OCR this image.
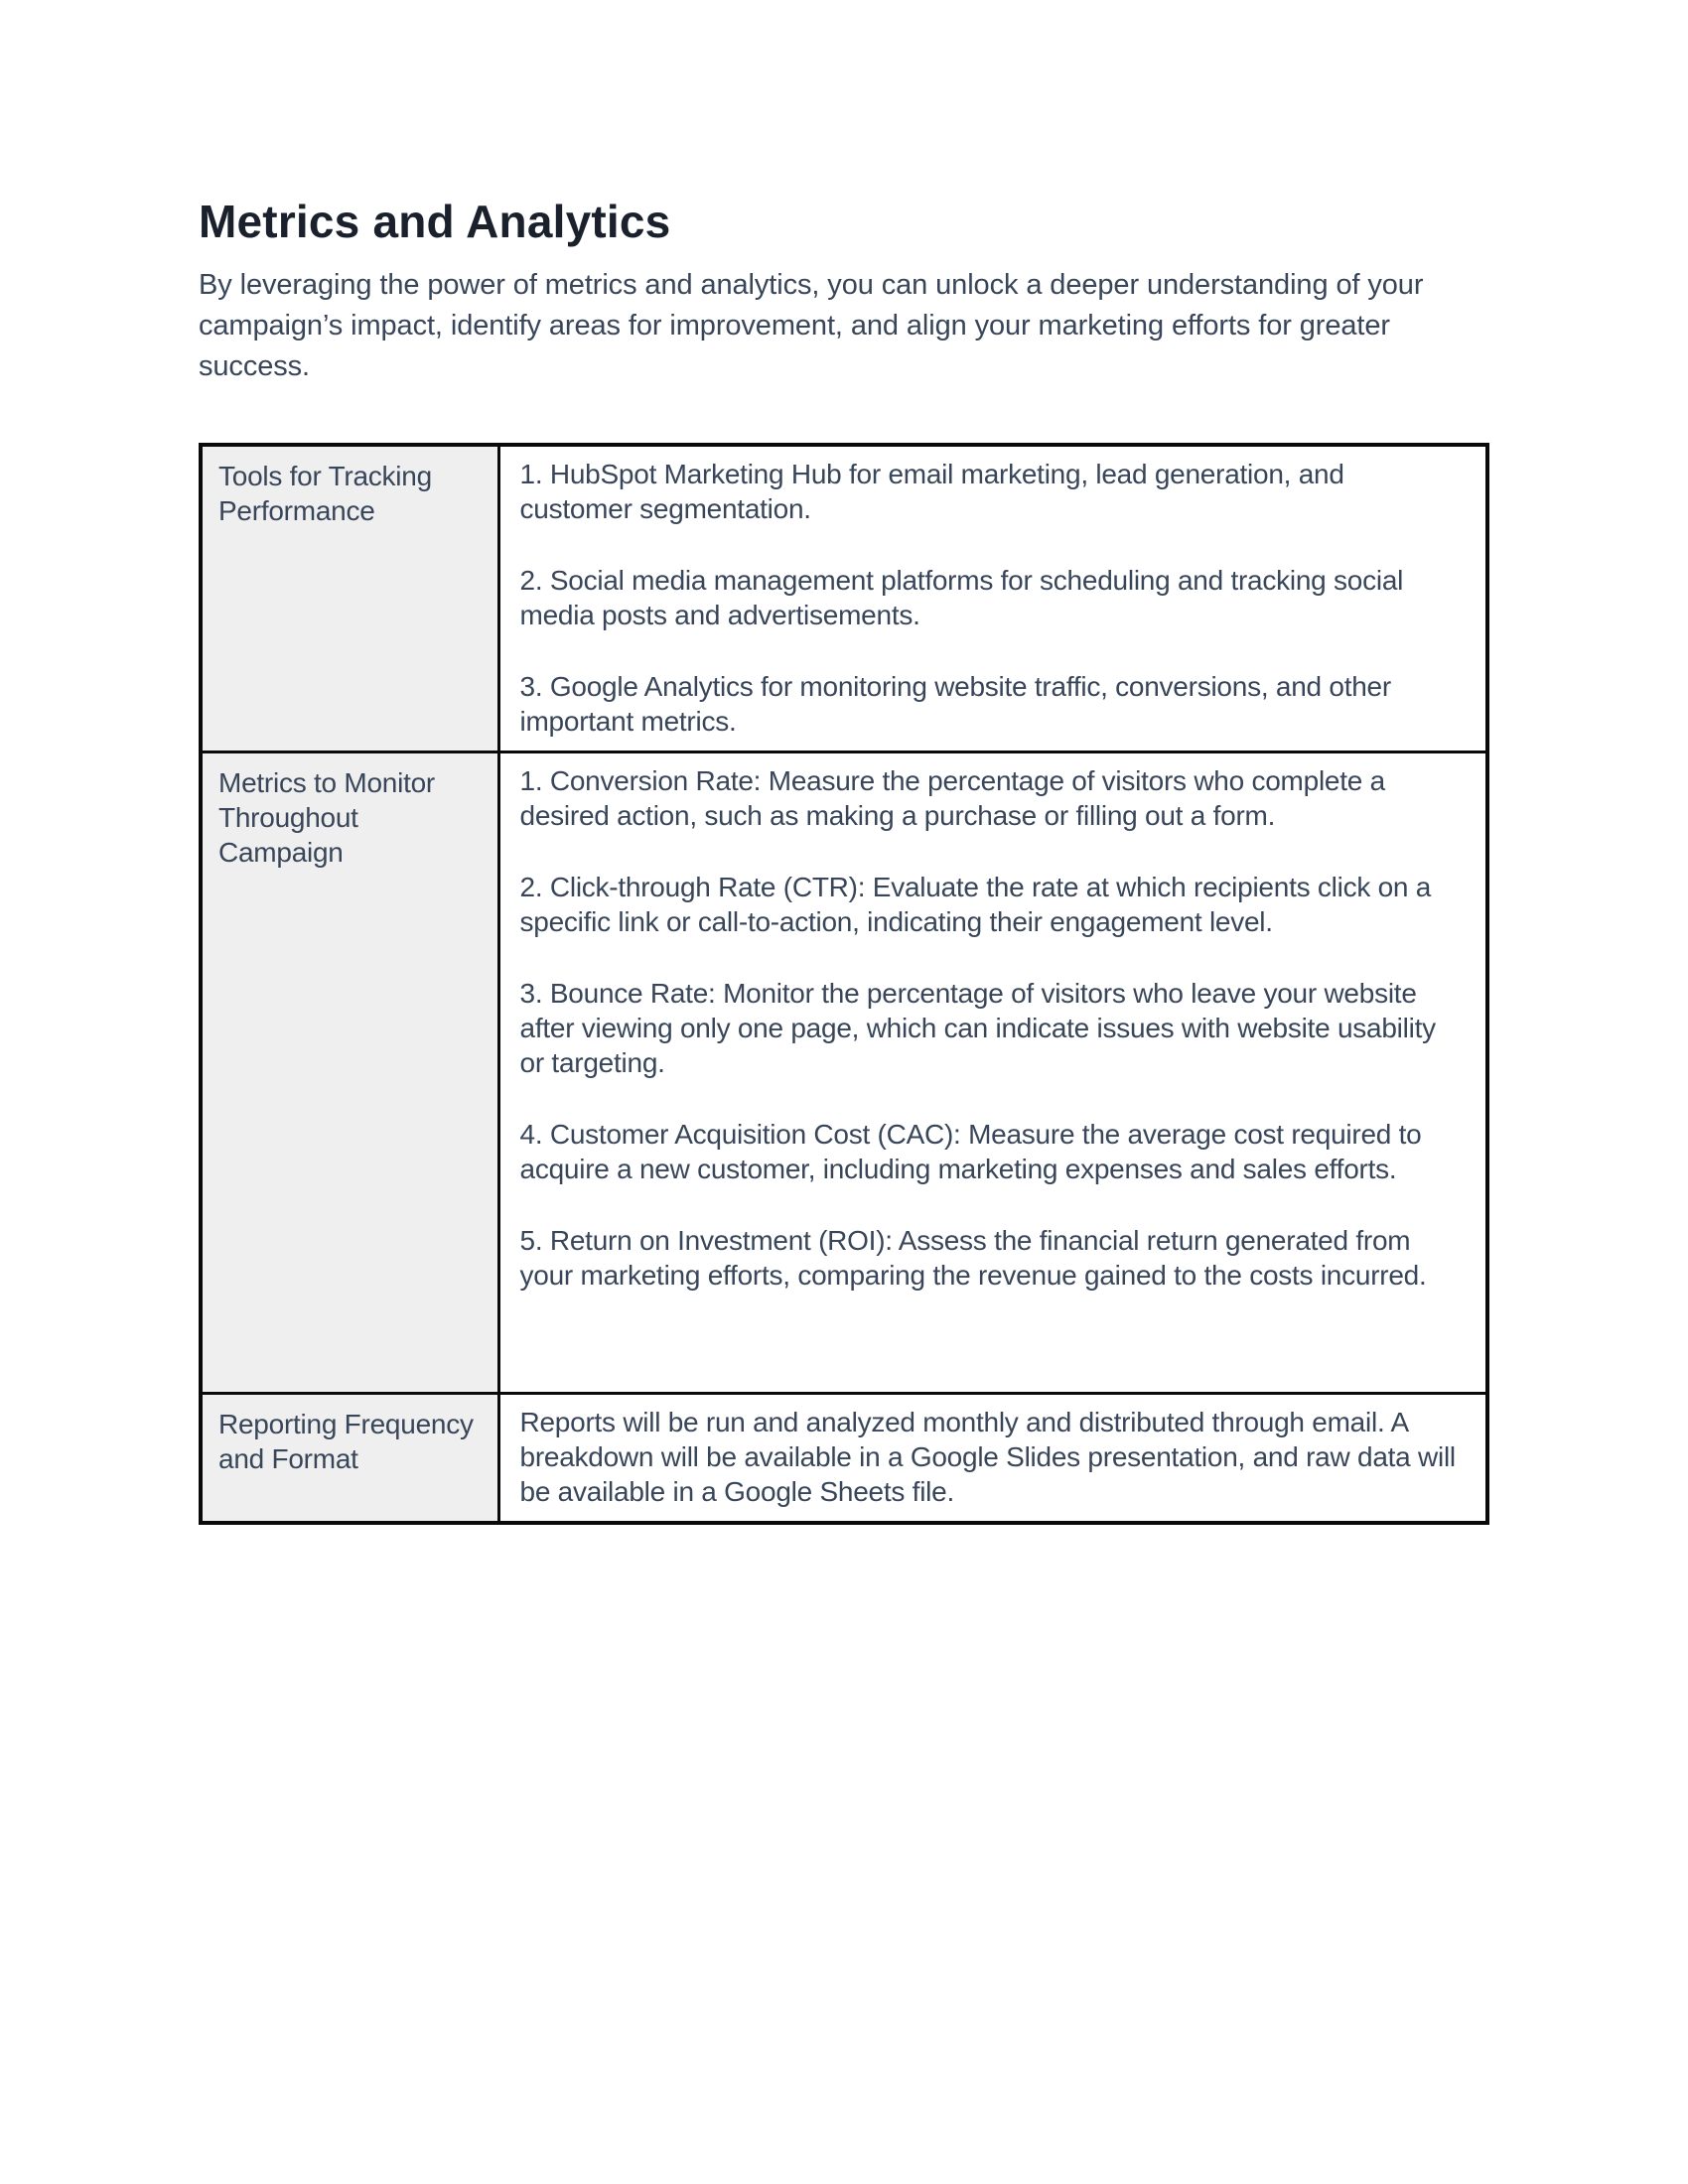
Metrics and Analytics

By leveraging the power of metrics and analytics, you can unlock a deeper understanding of your campaign’s impact, identify areas for improvement, and align your marketing efforts for greater success.

Tools for Tracking Performance	1. HubSpot Marketing Hub for email marketing, lead generation, and customer segmentation.

2. Social media management platforms for scheduling and tracking social media posts and advertisements.

3. Google Analytics for monitoring website traffic, conversions, and other important metrics.

Metrics to Monitor Throughout Campaign	1. Conversion Rate: Measure the percentage of visitors who complete a desired action, such as making a purchase or filling out a form.

2. Click-through Rate (CTR): Evaluate the rate at which recipients click on a specific link or call-to-action, indicating their engagement level.

3. Bounce Rate: Monitor the percentage of visitors who leave your website after viewing only one page, which can indicate issues with website usability or targeting.

4. Customer Acquisition Cost (CAC): Measure the average cost required to acquire a new customer, including marketing expenses and sales efforts.

5. Return on Investment (ROI): Assess the financial return generated from your marketing efforts, comparing the revenue gained to the costs incurred.

Reporting Frequency and Format	Reports will be run and analyzed monthly and distributed through email. A breakdown will be available in a Google Slides presentation, and raw data will be available in a Google Sheets file.
